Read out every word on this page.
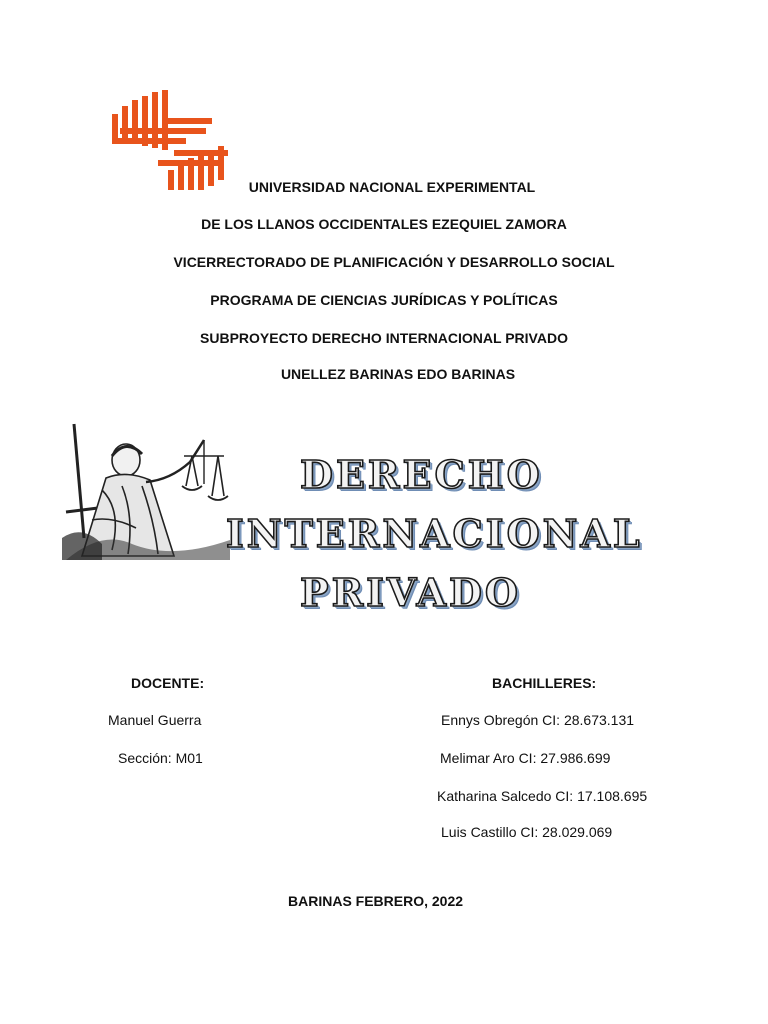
UNIVERSIDAD NACIONAL EXPERIMENTAL
DE LOS LLANOS OCCIDENTALES EZEQUIEL ZAMORA
VICERRECTORADO DE PLANIFICACIÓN Y DESARROLLO SOCIAL
PROGRAMA DE CIENCIAS JURÍDICAS Y POLÍTICAS
SUBPROYECTO DERECHO INTERNACIONAL PRIVADO
UNELLEZ BARINAS EDO BARINAS
DERECHO
INTERNACIONAL
PRIVADO
DOCENTE:
Manuel Guerra
Sección: M01
BACHILLERES:
Ennys Obregón CI: 28.673.131
Melimar Aro CI: 27.986.699
Katharina Salcedo CI: 17.108.695
Luis Castillo CI: 28.029.069
BARINAS FEBRERO, 2022
